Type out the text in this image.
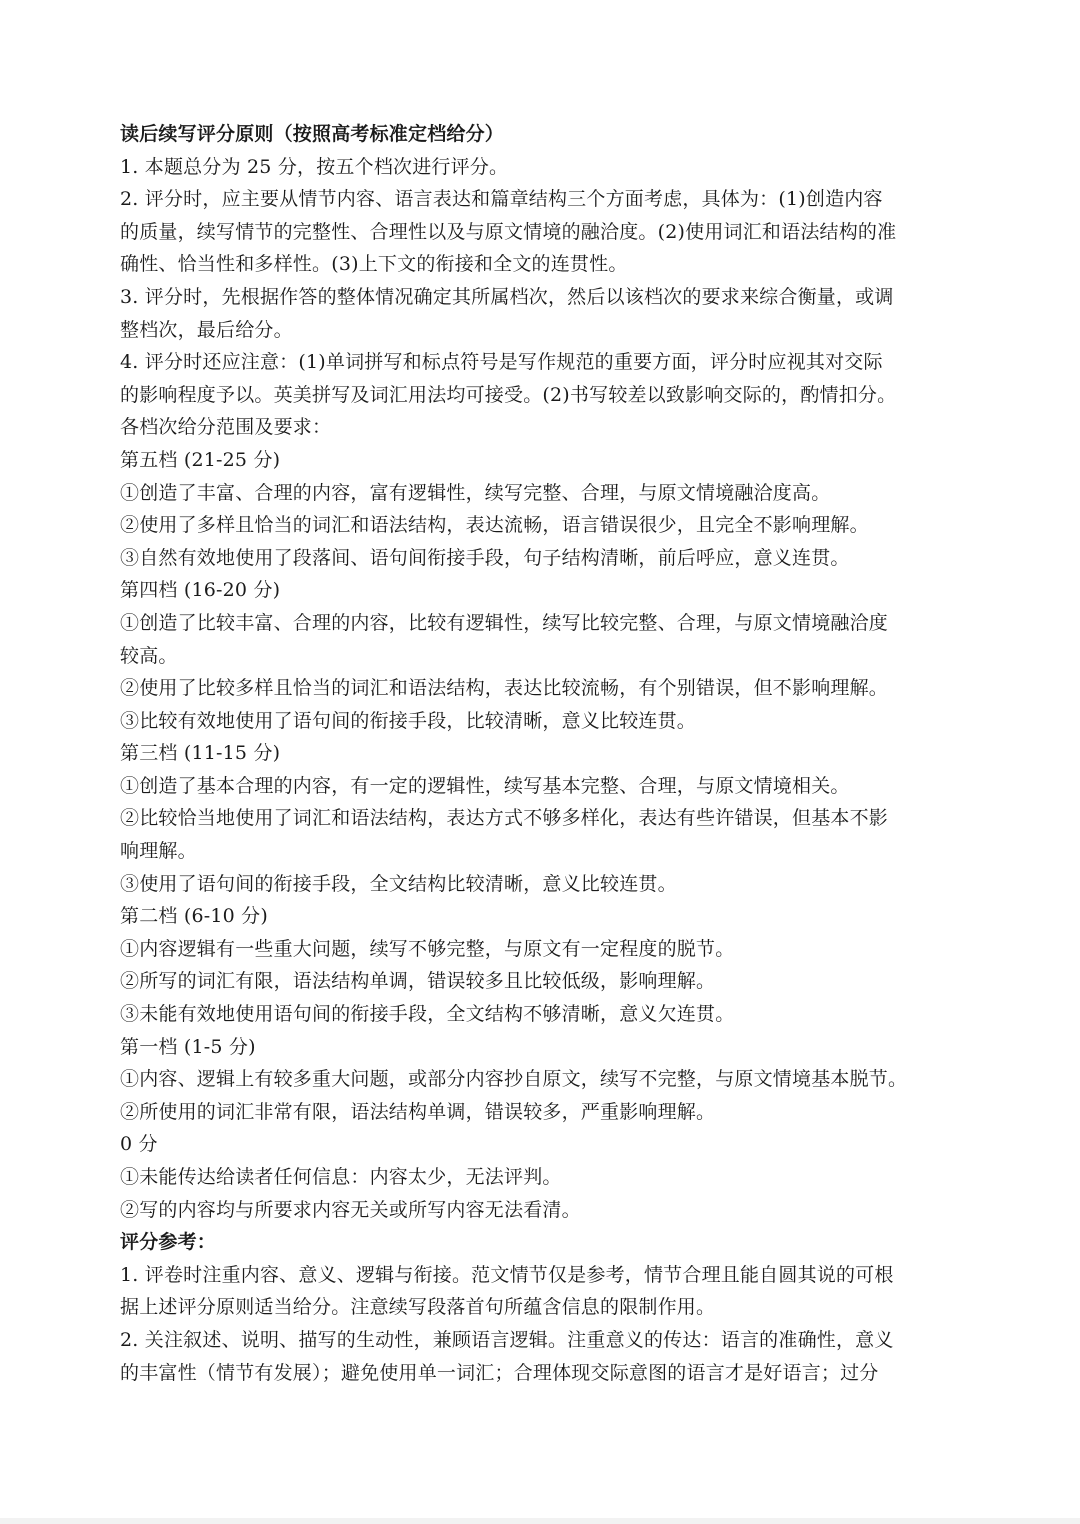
读后续写评分原则（按照高考标准定档给分）
1. 本题总分为 25 分，按五个档次进行评分。
2. 评分时，应主要从情节内容、语言表达和篇章结构三个方面考虑，具体为：(1)创造内容
的质量，续写情节的完整性、合理性以及与原文情境的融洽度。(2)使用词汇和语法结构的准
确性、恰当性和多样性。(3)上下文的衔接和全文的连贯性。
3. 评分时，先根据作答的整体情况确定其所属档次，然后以该档次的要求来综合衡量，或调
整档次，最后给分。
4. 评分时还应注意：(1)单词拼写和标点符号是写作规范的重要方面，评分时应视其对交际
的影响程度予以。英美拼写及词汇用法均可接受。(2)书写较差以致影响交际的，酌情扣分。
各档次给分范围及要求：
第五档 (21-25 分)
①创造了丰富、合理的内容，富有逻辑性，续写完整、合理，与原文情境融洽度高。
②使用了多样且恰当的词汇和语法结构，表达流畅，语言错误很少，且完全不影响理解。
③自然有效地使用了段落间、语句间衔接手段，句子结构清晰，前后呼应，意义连贯。
第四档 (16-20 分)
①创造了比较丰富、合理的内容，比较有逻辑性，续写比较完整、合理，与原文情境融洽度
较高。
②使用了比较多样且恰当的词汇和语法结构，表达比较流畅，有个别错误，但不影响理解。
③比较有效地使用了语句间的衔接手段，比较清晰，意义比较连贯。
第三档 (11-15 分)
①创造了基本合理的内容，有一定的逻辑性，续写基本完整、合理，与原文情境相关。
②比较恰当地使用了词汇和语法结构，表达方式不够多样化，表达有些许错误，但基本不影
响理解。
③使用了语句间的衔接手段，全文结构比较清晰，意义比较连贯。
第二档 (6-10 分)
①内容逻辑有一些重大问题，续写不够完整，与原文有一定程度的脱节。
②所写的词汇有限，语法结构单调，错误较多且比较低级，影响理解。
③未能有效地使用语句间的衔接手段，全文结构不够清晰，意义欠连贯。
第一档 (1-5 分)
①内容、逻辑上有较多重大问题，或部分内容抄自原文，续写不完整，与原文情境基本脱节。
②所使用的词汇非常有限，语法结构单调，错误较多，严重影响理解。
0 分
①未能传达给读者任何信息：内容太少，无法评判。
②写的内容均与所要求内容无关或所写内容无法看清。
评分参考：
1. 评卷时注重内容、意义、逻辑与衔接。范文情节仅是参考，情节合理且能自圆其说的可根
据上述评分原则适当给分。注意续写段落首句所蕴含信息的限制作用。
2. 关注叙述、说明、描写的生动性，兼顾语言逻辑。注重意义的传达：语言的准确性，意义
的丰富性（情节有发展）；避免使用单一词汇；合理体现交际意图的语言才是好语言；过分
